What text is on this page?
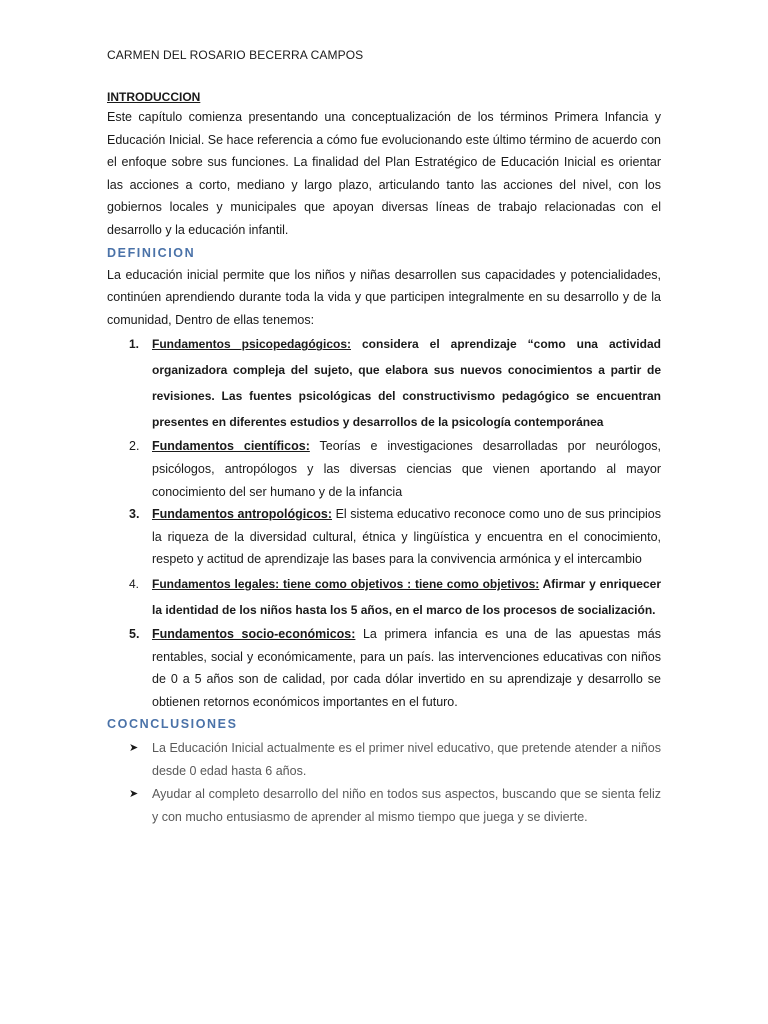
CARMEN DEL ROSARIO BECERRA CAMPOS

INTRODUCCION

Este capítulo comienza presentando una conceptualización de los términos Primera Infancia y Educación Inicial. Se hace referencia a cómo fue evolucionando este último término de acuerdo con el enfoque sobre sus funciones. La finalidad del Plan Estratégico de Educación Inicial es orientar las acciones a corto, mediano y largo plazo, articulando tanto las acciones del nivel, con los gobiernos locales y municipales que apoyan diversas líneas de trabajo relacionadas con el desarrollo y la educación infantil.

DEFINICION

La educación inicial permite que los niños y niñas desarrollen sus capacidades y potencialidades, continúen aprendiendo durante toda la vida y que participen integralmente en su desarrollo y de la comunidad, Dentro de ellas tenemos:

1. Fundamentos psicopedagógicos: considera el aprendizaje “como una actividad organizadora compleja del sujeto, que elabora sus nuevos conocimientos a partir de revisiones. Las fuentes psicológicas del constructivismo pedagógico se encuentran presentes en diferentes estudios y desarrollos de la psicología contemporánea
2. Fundamentos científicos: Teorías e investigaciones desarrolladas por neurólogos, psicólogos, antropólogos y las diversas ciencias que vienen aportando al mayor conocimiento del ser humano y de la infancia
3. Fundamentos antropológicos: El sistema educativo reconoce como uno de sus principios la riqueza de la diversidad cultural, étnica y lingüística y encuentra en el conocimiento, respeto y actitud de aprendizaje las bases para la convivencia armónica y el intercambio
4. Fundamentos legales: tiene como objetivos : tiene como objetivos: Afirmar y enriquecer la identidad de los niños hasta los 5 años, en el marco de los procesos de socialización.
5. Fundamentos socio-económicos: La primera infancia es una de las apuestas más rentables, social y económicamente, para un país. las intervenciones educativas con niños de 0 a 5 años son de calidad, por cada dólar invertido en su aprendizaje y desarrollo se obtienen retornos económicos importantes en el futuro.

COCNCLUSIONES

➤ La Educación Inicial actualmente es el primer nivel educativo, que pretende atender a niños desde 0 edad hasta 6 años.
➤ Ayudar al completo desarrollo del niño en todos sus aspectos, buscando que se sienta feliz y con mucho entusiasmo de aprender al mismo tiempo que juega y se divierte.
